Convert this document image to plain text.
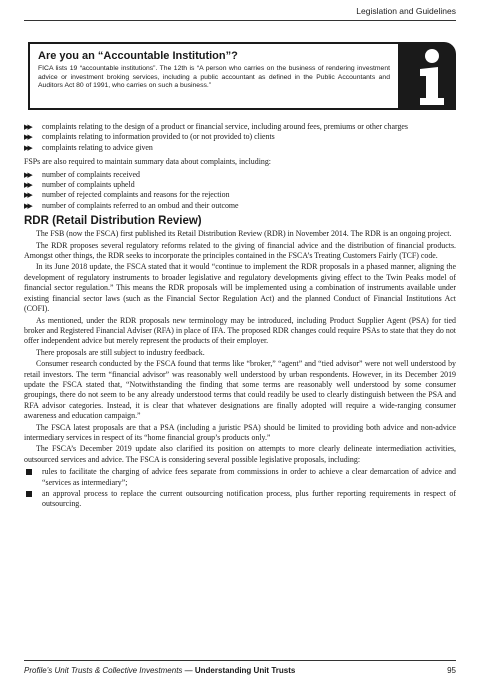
Legislation and Guidelines

Are you an “Accountable Institution”?

FICA lists 19 “accountable institutions”. The 12th is “A person who carries on the business of rendering investment advice or investment broking services, including a public accountant as defined in the Public Accountants and Auditors Act 80 of 1991, who carries on such a business.”

▶▶ complaints relating to the design of a product or financial service, including around fees, premiums or other charges
▶▶ complaints relating to information provided to (or not provided to) clients
▶▶ complaints relating to advice given

FSPs are also required to maintain summary data about complaints, including:

▶▶ number of complaints received
▶▶ number of complaints upheld
▶▶ number of rejected complaints and reasons for the rejection
▶▶ number of complaints referred to an ombud and their outcome
RDR (Retail Distribution Review)

The FSB (now the FSCA) first published its Retail Distribution Review (RDR) in November 2014. The RDR is an ongoing project.

The RDR proposes several regulatory reforms related to the giving of financial advice and the distribution of financial products. Amongst other things, the RDR seeks to incorporate the principles contained in the FSCA’s Treating Customers Fairly (TCF) code.

In its June 2018 update, the FSCA stated that it would “continue to implement the RDR proposals in a phased manner, aligning the development of regulatory instruments to broader legislative and regulatory developments giving effect to the Twin Peaks model of financial sector regulation.” This means the RDR proposals will be implemented using a combination of instruments available under existing financial sector laws (such as the Financial Sector Regulation Act) and the planned Conduct of Financial Institutions Act (COFI).

As mentioned, under the RDR proposals new terminology may be introduced, including Product Supplier Agent (PSA) for tied broker and Registered Financial Adviser (RFA) in place of IFA. The proposed RDR changes could require PSAs to state that they do not offer independent advice but merely represent the products of their employer.

There proposals are still subject to industry feedback.

Consumer research conducted by the FSCA found that terms like “broker,” “agent” and “tied advisor” were not well understood by retail investors. The term “financial advisor” was reasonably well understood by urban respondents. However, in its December 2019 update the FSCA stated that, “Notwithstanding the finding that some terms are reasonably well understood by some consumer groupings, there do not seem to be any already understood terms that could readily be used to clearly distinguish between the PSA and RFA advisor categories. Instead, it is clear that whatever designations are finally adopted will require a wide-ranging consumer awareness and education campaign.”

The FSCA latest proposals are that a PSA (including a juristic PSA) should be limited to providing both advice and non-advice intermediary services in respect of its “home financial group’s products only.”

The FSCA’s December 2019 update also clarified its position on attempts to more clearly delineate intermediation activities, outsourced services and advice. The FSCA is considering several possible legislative proposals, including:

rules to facilitate the charging of advice fees separate from commissions in order to achieve a clear demarcation of advice and “services as intermediary”;
an approval process to replace the current outsourcing notification process, plus further reporting requirements in respect of outsourcing.
Profile’s Unit Trusts & Collective Investments — Understanding Unit Trusts	95
